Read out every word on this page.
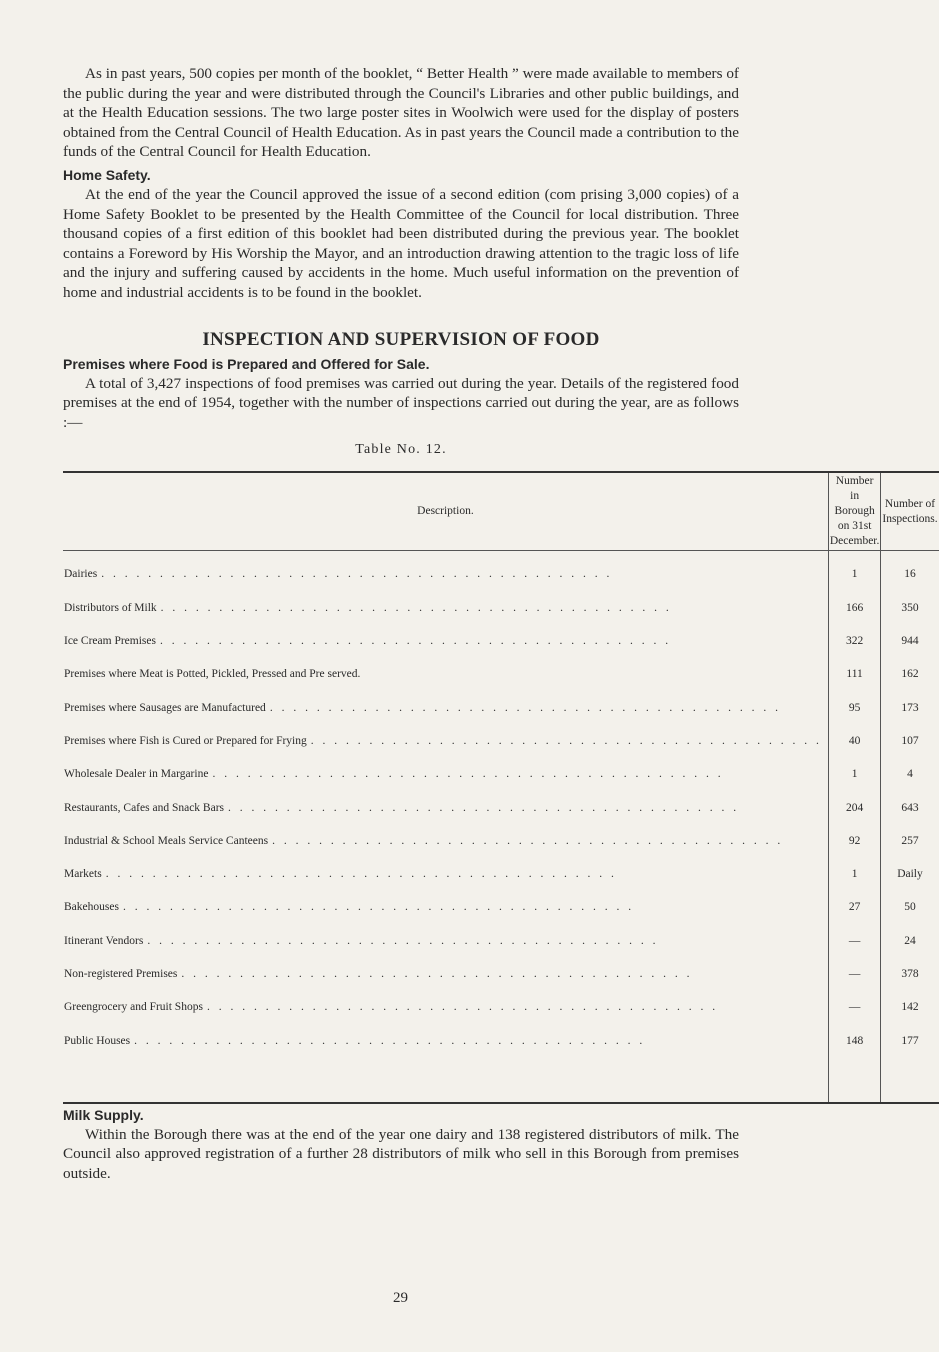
As in past years, 500 copies per month of the booklet, “ Better Health ” were made available to members of the public during the year and were distributed through the Council's Libraries and other public buildings, and at the Health Education sessions. The two large poster sites in Woolwich were used for the display of posters obtained from the Central Council of Health Education. As in past years the Council made a contribution to the funds of the Central Council for Health Education.

Home Safety.

At the end of the year the Council approved the issue of a second edition (com prising 3,000 copies) of a Home Safety Booklet to be presented by the Health Committee of the Council for local distribution. Three thousand copies of a first edition of this booklet had been distributed during the previous year. The booklet contains a Foreword by His Worship the Mayor, and an introduction drawing attention to the tragic loss of life and the injury and suffering caused by accidents in the home. Much useful information on the prevention of home and industrial accidents is to be found in the booklet.

INSPECTION AND SUPERVISION OF FOOD
Premises where Food is Prepared and Offered for Sale.

A total of 3,427 inspections of food premises was carried out during the year. Details of the registered food premises at the end of 1954, together with the number of inspections carried out during the year, are as follows :—

Table No. 12.
Description.	Number in Borough on 31st December.	Number of Inspections.

Dairies . . . . . . . . . . . . . . . . . . . . . . . . . . . . . . . . . . . . . . . . . . . .	1	16

Distributors of Milk . . . . . . . . . . . . . . . . . . . . . . . . . . . . . . . . . . . . . . . . . . . .	166	350

Ice Cream Premises . . . . . . . . . . . . . . . . . . . . . . . . . . . . . . . . . . . . . . . . . . . .	322	944

Premises where Meat is Potted, Pickled, Pressed and Pre served.	111	162

Premises where Sausages are Manufactured . . . . . . . . . . . . . . . . . . . . . . . . . . . . . . . . . . . . . . . . . . . .	95	173

Premises where Fish is Cured or Prepared for Frying . . . . . . . . . . . . . . . . . . . . . . . . . . . . . . . . . . . . . . . . . . . .	40	107

Wholesale Dealer in Margarine . . . . . . . . . . . . . . . . . . . . . . . . . . . . . . . . . . . . . . . . . . . .	1	4

Restaurants, Cafes and Snack Bars . . . . . . . . . . . . . . . . . . . . . . . . . . . . . . . . . . . . . . . . . . . .	204	643

Industrial & School Meals Service Canteens . . . . . . . . . . . . . . . . . . . . . . . . . . . . . . . . . . . . . . . . . . . .	92	257

Markets . . . . . . . . . . . . . . . . . . . . . . . . . . . . . . . . . . . . . . . . . . . .	1	Daily

Bakehouses . . . . . . . . . . . . . . . . . . . . . . . . . . . . . . . . . . . . . . . . . . . .	27	50

Itinerant Vendors . . . . . . . . . . . . . . . . . . . . . . . . . . . . . . . . . . . . . . . . . . . .	—	24

Non-registered Premises . . . . . . . . . . . . . . . . . . . . . . . . . . . . . . . . . . . . . . . . . . . .	—	378

Greengrocery and Fruit Shops . . . . . . . . . . . . . . . . . . . . . . . . . . . . . . . . . . . . . . . . . . . .	—	142

Public Houses . . . . . . . . . . . . . . . . . . . . . . . . . . . . . . . . . . . . . . . . . . . .	148	177

Milk Supply.

Within the Borough there was at the end of the year one dairy and 138 registered distributors of milk. The Council also approved registration of a further 28 distributors of milk who sell in this Borough from premises outside.

29
